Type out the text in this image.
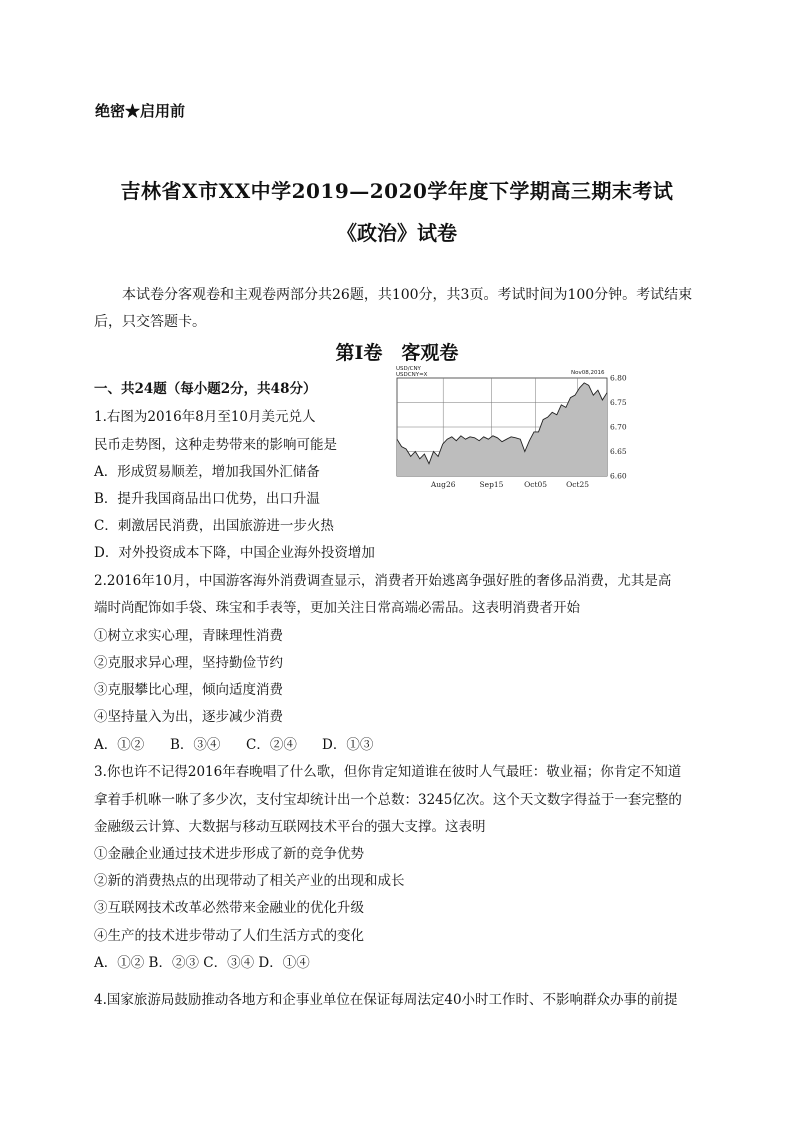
绝密★启用前
吉林省X市XX中学2019—2020学年度下学期高三期末考试
《政治》试卷
本试卷分客观卷和主观卷两部分共26题，共100分，共3页。考试时间为100分钟。考试结束后，只交答题卡。
第Ⅰ卷　客观卷
一、共24题（每小题2分，共48分）
1.右图为2016年8月至10月美元兑人
民币走势图，这种走势带来的影响可能是
A．形成贸易顺差，增加我国外汇储备
B．提升我国商品出口优势，出口升温
C．刺激居民消费，出国旅游进一步火热
D．对外投资成本下降，中国企业海外投资增加
USD/CNY
USDCNY=X	Nov08,2016
6.80
6.75
6.70
6.65
6.60
Aug26	Sep15	Oct05	Oct25
2.2016年10月，中国游客海外消费调查显示，消费者开始逃离争强好胜的奢侈品消费，尤其是高
端时尚配饰如手袋、珠宝和手表等，更加关注日常高端必需品。这表明消费者开始
①树立求实心理，青睐理性消费
②克服求异心理，坚持勤俭节约
③克服攀比心理，倾向适度消费
④坚持量入为出，逐步减少消费
A．①② B．③④ C．②④ D．①③
3.你也许不记得2016年春晚唱了什么歌，但你肯定知道谁在彼时人气最旺：敬业福；你肯定不知道
拿着手机咻一咻了多少次，支付宝却统计出一个总数：3245亿次。这个天文数字得益于一套完整的
金融级云计算、大数据与移动互联网技术平台的强大支撑。这表明
①金融企业通过技术进步形成了新的竞争优势
②新的消费热点的出现带动了相关产业的出现和成长
③互联网技术改革必然带来金融业的优化升级
④生产的技术进步带动了人们生活方式的变化
A．①② B．②③ C．③④ D．①④
4.国家旅游局鼓励推动各地方和企事业单位在保证每周法定40小时工作时、不影响群众办事的前提
